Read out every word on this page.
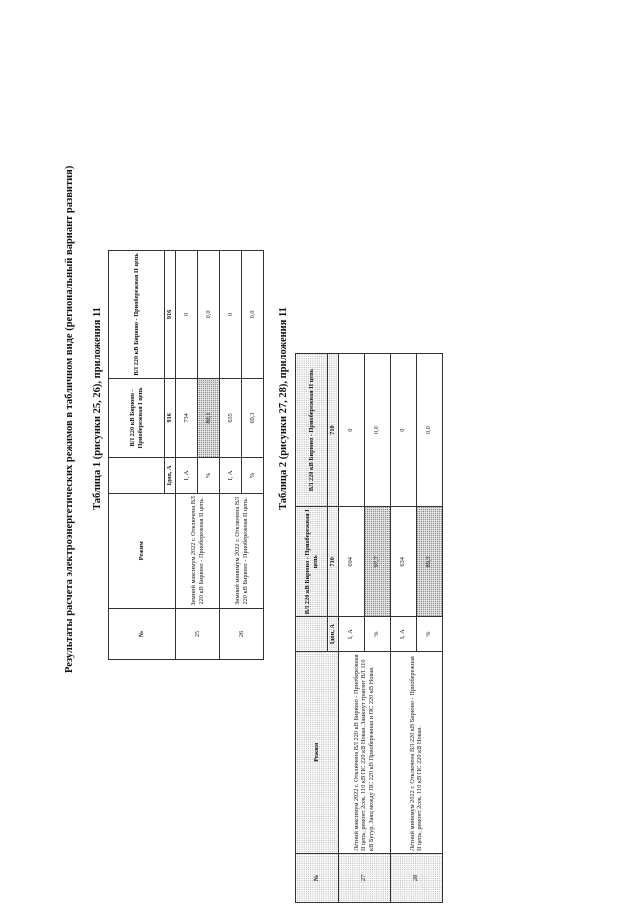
Результаты расчета электроэнергетических режимов в табличном виде (региональный вариант развития) Таблица 1 (рисунки 25, 26), приложения 11
№	Режим		ВЛ 220 кВ Бирюно - Приобережная I цепь	ВЛ 220 кВ Бирюно - Приобережная II цепь
		Iдоп, А	916	916
25	Зимний максимум 2022 г. Отключена ВЛ 220 кВ Бирюно - Приобережная II цепь.	I, А	734	0
		%	80,1	0,0
26	Зимний минимум 2022 г. Отключена ВЛ 220 кВ Бирюно - Приобережная II цепь.	I, А	635	0
		%	69,3	0,0 Таблица 2 (рисунки 27, 28), приложения 11
№	Режим		ВЛ 220 кВ Бирюно - Приобережная I цепь	ВЛ 220 кВ Бирюно - Приобережная II цепь
		Iдоп, А	710	710
27	Летний максимум 2022 г. Отключена ВЛ 220 кВ Бирюно - Приобережная II цепь, ремонт 2сек. 110 кВ ПС 220 кВ Новая. Замкнут транзит ВЛ 110 кВ Бугур. Заяц между ПС 220 кВ Приобережная и ПС 220 кВ Новая.	I, А	694	0
		%	97,7	0,0
28	Летний минимум 2022 г. Отключена ВЛ 220 кВ Бирюно - Приобережная II цепь, ремонт 2сек. 110 кВ ПС 220 кВ Новая.	I, А	634	0
		%	89,3	0,0
